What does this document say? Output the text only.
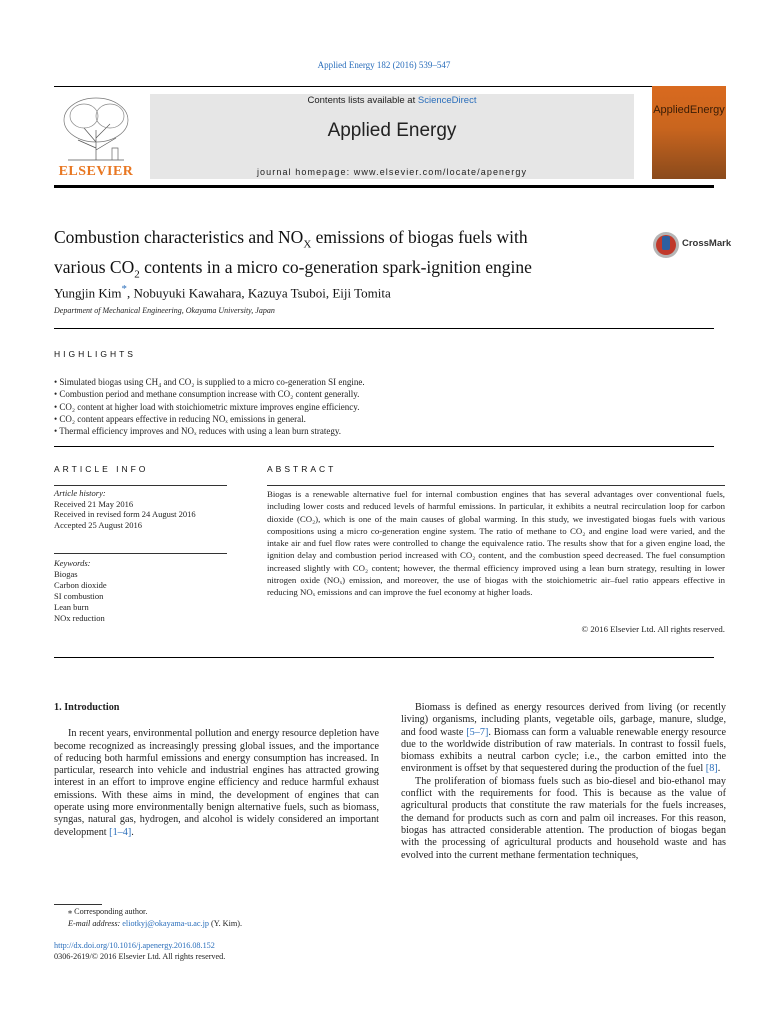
Applied Energy 182 (2016) 539–547
ELSEVIER
Contents lists available at ScienceDirect
Applied Energy
journal homepage: www.elsevier.com/locate/apenergy
AppliedEnergy
Combustion characteristics and $NO_X$ emissions of biogas fuels with
various $CO_2$ contents in a micro co-generation spark-ignition engine
CrossMark
Yungjin Kim*, Nobuyuki Kawahara, Kazuya Tsuboi, Eiji Tomita
Department of Mechanical Engineering, Okayama University, Japan
HIGHLIGHTS
• Simulated biogas using CH₄ and CO₂ is supplied to a micro co-generation SI engine.
• Combustion period and methane consumption increase with CO₂ content generally.
• CO₂ content at higher load with stoichiometric mixture improves engine efficiency.
• CO₂ content appears effective in reducing NOₓ emissions in general.
• Thermal efficiency improves and NOₓ reduces with using a lean burn strategy.
ARTICLE INFO
Article history:
Received 21 May 2016
Received in revised form 24 August 2016
Accepted 25 August 2016
Keywords:
Biogas
Carbon dioxide
SI combustion
Lean burn
NOx reduction
ABSTRACT
Biogas is a renewable alternative fuel for internal combustion engines that has several advantages over conventional fuels, including lower costs and reduced levels of harmful emissions. In particular, it exhibits a neutral recirculation loop for carbon dioxide (CO₂), which is one of the main causes of global warming. In this study, we investigated biogas fuels with various compositions using a micro co-generation engine system. The ratio of methane to CO₂ and engine load were varied, and the intake air and fuel flow rates were controlled to change the equivalence ratio. The results show that for a given engine load, the ignition delay and combustion period increased with CO₂ content, and the combustion speed decreased. The fuel consumption increased slightly with CO₂ content; however, the thermal efficiency improved using a lean burn strategy, resulting in lower nitrogen oxide (NOₓ) emission, and moreover, the use of biogas with the stoichiometric air–fuel ratio appears effective in reducing NOₓ emissions and can improve the fuel economy at higher loads.
© 2016 Elsevier Ltd. All rights reserved.
1. Introduction

In recent years, environmental pollution and energy resource depletion have become recognized as increasingly pressing global issues, and the importance of reducing both harmful emissions and energy consumption has increased. In particular, research into vehicle and industrial engines has attracted growing interest in an effort to improve engine efficiency and reduce harmful exhaust emissions. With these aims in mind, the development of engines that can operate using more environmentally benign alternative fuels, such as biomass, syngas, natural gas, hydrogen, and alcohol is widely considered an important development [1–4].

Biomass is defined as energy resources derived from living (or recently living) organisms, including plants, vegetable oils, garbage, manure, sludge, and food waste [5–7]. Biomass can form a valuable renewable energy resource due to the worldwide distribution of raw materials. In contrast to fossil fuels, biomass exhibits a neutral carbon cycle; i.e., the carbon emitted into the environment is offset by that sequestered during the production of the fuel [8].

The proliferation of biomass fuels such as bio-diesel and bio-ethanol may conflict with the requirements for food. This is because as the value of agricultural products that constitute the raw materials for the fuels increases, the demand for products such as corn and palm oil increases. For this reason, biogas has attracted considerable attention. The production of biogas began with the processing of agricultural products and household waste and has evolved into the current methane fermentation techniques,

⁎ Corresponding author.
E-mail address: eliotkyj@okayama-u.ac.jp (Y. Kim).
http://dx.doi.org/10.1016/j.apenergy.2016.08.152
0306-2619/© 2016 Elsevier Ltd. All rights reserved.
